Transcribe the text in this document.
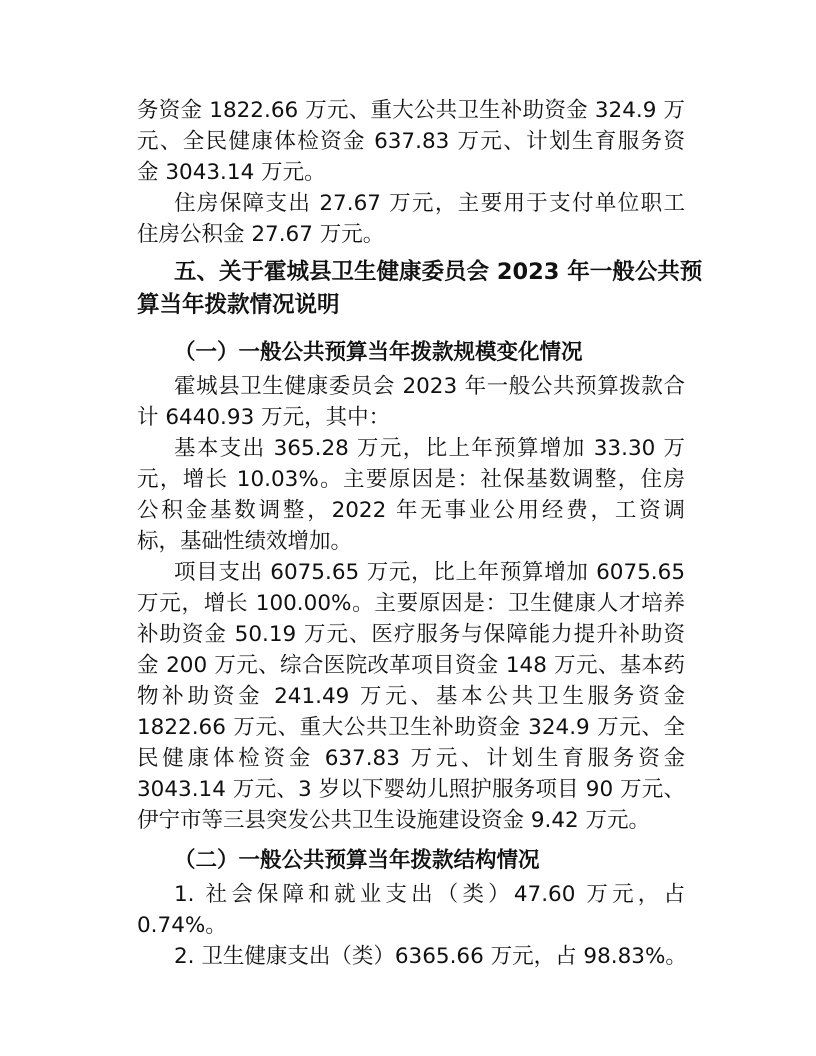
务资金 1822.66 万元、重大公共卫生补助资金 324.9 万
元、全民健康体检资金 637.83 万元、计划生育服务资
金 3043.14 万元。
住房保障支出 27.67 万元，主要用于支付单位职工
住房公积金 27.67 万元。
五、关于霍城县卫生健康委员会 2023 年一般公共预
算当年拨款情况说明
（一）一般公共预算当年拨款规模变化情况
霍城县卫生健康委员会 2023 年一般公共预算拨款合
计 6440.93 万元，其中：
基本支出 365.28 万元，比上年预算增加 33.30 万
元，增长 10.03%。主要原因是：社保基数调整，住房
公积金基数调整，2022 年无事业公用经费，工资调
标，基础性绩效增加。
项目支出 6075.65 万元，比上年预算增加 6075.65
万元，增长 100.00%。主要原因是：卫生健康人才培养
补助资金 50.19 万元、医疗服务与保障能力提升补助资
金 200 万元、综合医院改革项目资金 148 万元、基本药
物补助资金 241.49 万元、基本公共卫生服务资金
1822.66 万元、重大公共卫生补助资金 324.9 万元、全
民健康体检资金 637.83 万元、计划生育服务资金
3043.14 万元、3 岁以下婴幼儿照护服务项目 90 万元、
伊宁市等三县突发公共卫生设施建设资金 9.42 万元。
（二）一般公共预算当年拨款结构情况
1. 社会保障和就业支出（类）47.60 万元，占
0.74%。
2. 卫生健康支出（类）6365.66 万元，占 98.83%。
